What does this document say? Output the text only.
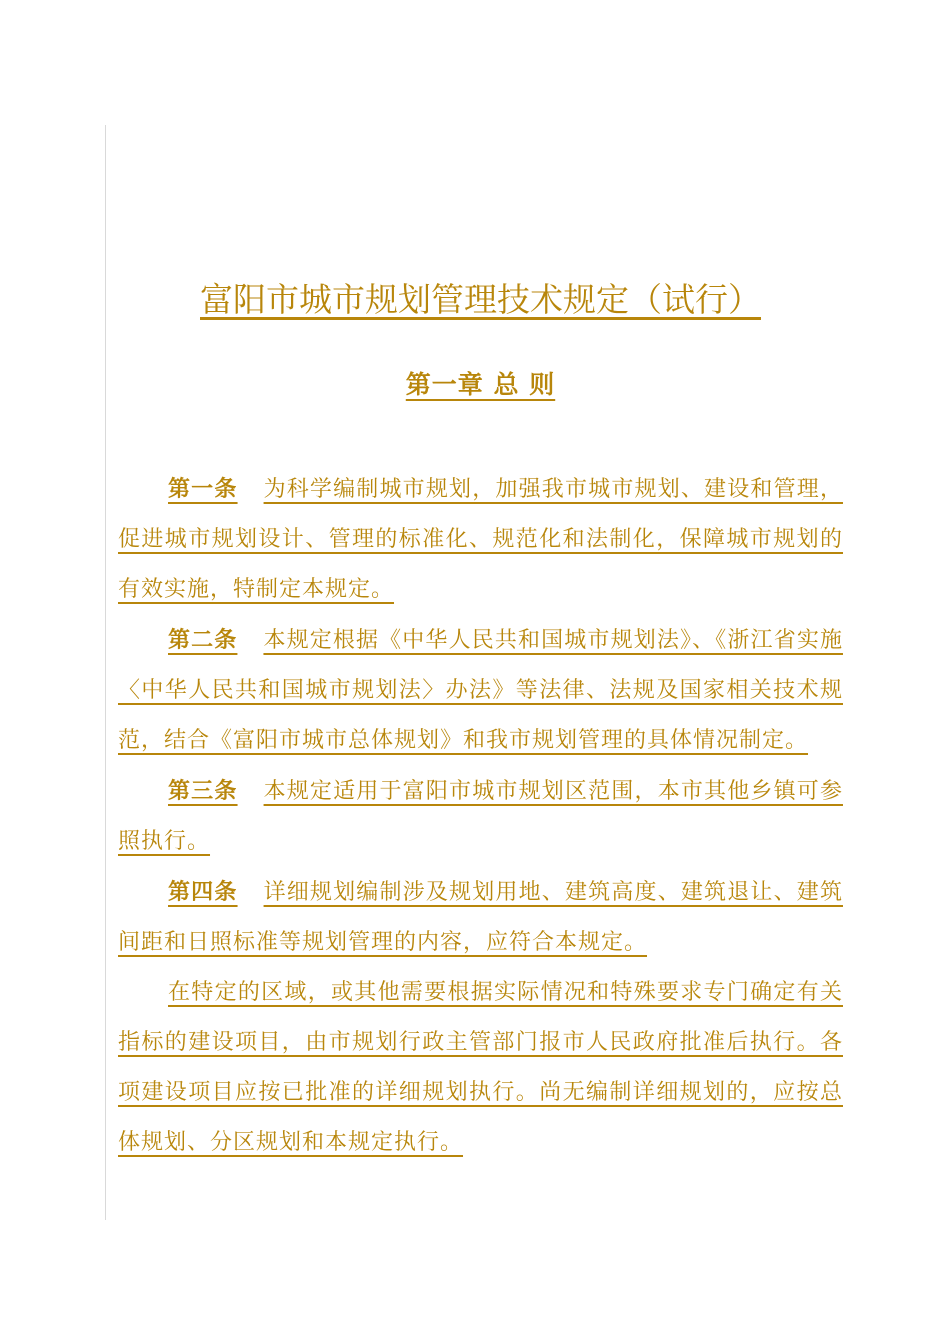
富阳市城市规划管理技术规定（试行）
第一章 总 则

第一条 为科学编制城市规划，加强我市城市规划、建设和管理，促进城市规划设计、管理的标准化、规范化和法制化，保障城市规划的有效实施，特制定本规定。

第二条 本规定根据《中华人民共和国城市规划法》、《浙江省实施〈中华人民共和国城市规划法〉办法》等法律、法规及国家相关技术规范，结合《富阳市城市总体规划》和我市规划管理的具体情况制定。

第三条 本规定适用于富阳市城市规划区范围，本市其他乡镇可参照执行。

第四条 详细规划编制涉及规划用地、建筑高度、建筑退让、建筑间距和日照标准等规划管理的内容，应符合本规定。

在特定的区域，或其他需要根据实际情况和特殊要求专门确定有关指标的建设项目，由市规划行政主管部门报市人民政府批准后执行。各项建设项目应按已批准的详细规划执行。尚无编制详细规划的，应按总体规划、分区规划和本规定执行。
